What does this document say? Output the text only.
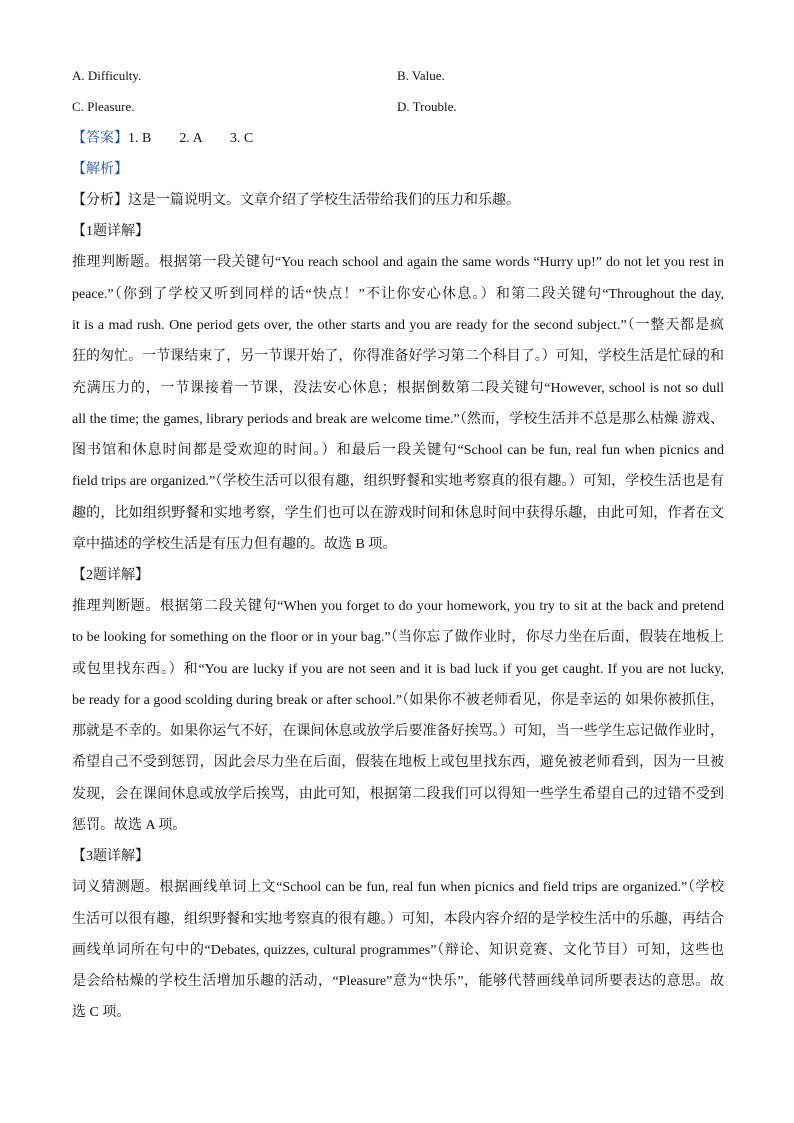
A. Difficulty.	B. Value.
C. Pleasure.	D. Trouble.
【答案】1. B　　2. A　　3. C
【解析】
【分析】这是一篇说明文。文章介绍了学校生活带给我们的压力和乐趣。
【1题详解】
推理判断题。根据第一段关键句“You reach school and again the same words “Hurry up!” do not let you rest in
peace.”（你到了学校又听到同样的话“快点！”不让你安心休息。）和第二段关键句“Throughout the day,
it is a mad rush. One period gets over, the other starts and you are ready for the second subject.”（一整天都是疯
狂的匆忙。一节课结束了，另一节课开始了，你得准备好学习第二个科目了。）可知，学校生活是忙碌的和
充满压力的，一节课接着一节课，没法安心休息；根据倒数第二段关键句“However, school is not so dull
all the time; the games, library periods and break are welcome time.”（然而，学校生活并不总是那么枯燥 游戏、
图书馆和休息时间都是受欢迎的时间。）和最后一段关键句“School can be fun, real fun when picnics and
field trips are organized.”（学校生活可以很有趣，组织野餐和实地考察真的很有趣。）可知，学校生活也是有
趣的，比如组织野餐和实地考察，学生们也可以在游戏时间和休息时间中获得乐趣，由此可知，作者在文
章中描述的学校生活是有压力但有趣的。故选 B 项。
【2题详解】
推理判断题。根据第二段关键句“When you forget to do your homework, you try to sit at the back and pretend
to be looking for something on the floor or in your bag.”（当你忘了做作业时，你尽力坐在后面，假装在地板上
或包里找东西。）和“You are lucky if you are not seen and it is bad luck if you get caught. If you are not lucky,
be ready for a good scolding during break or after school.”（如果你不被老师看见，你是幸运的 如果你被抓住，
那就是不幸的。如果你运气不好，在课间休息或放学后要准备好挨骂。）可知，当一些学生忘记做作业时，
希望自己不受到惩罚，因此会尽力坐在后面，假装在地板上或包里找东西，避免被老师看到，因为一旦被
发现，会在课间休息或放学后挨骂，由此可知，根据第二段我们可以得知一些学生希望自己的过错不受到
惩罚。故选 A 项。
【3题详解】
词义猜测题。根据画线单词上文“School can be fun, real fun when picnics and field trips are organized.”（学校
生活可以很有趣，组织野餐和实地考察真的很有趣。）可知，本段内容介绍的是学校生活中的乐趣，再结合
画线单词所在句中的“Debates, quizzes, cultural programmes”（辩论、知识竞赛、文化节目）可知，这些也
是会给枯燥的学校生活增加乐趣的活动，“Pleasure”意为“快乐”，能够代替画线单词所要表达的意思。故
选 C 项。
